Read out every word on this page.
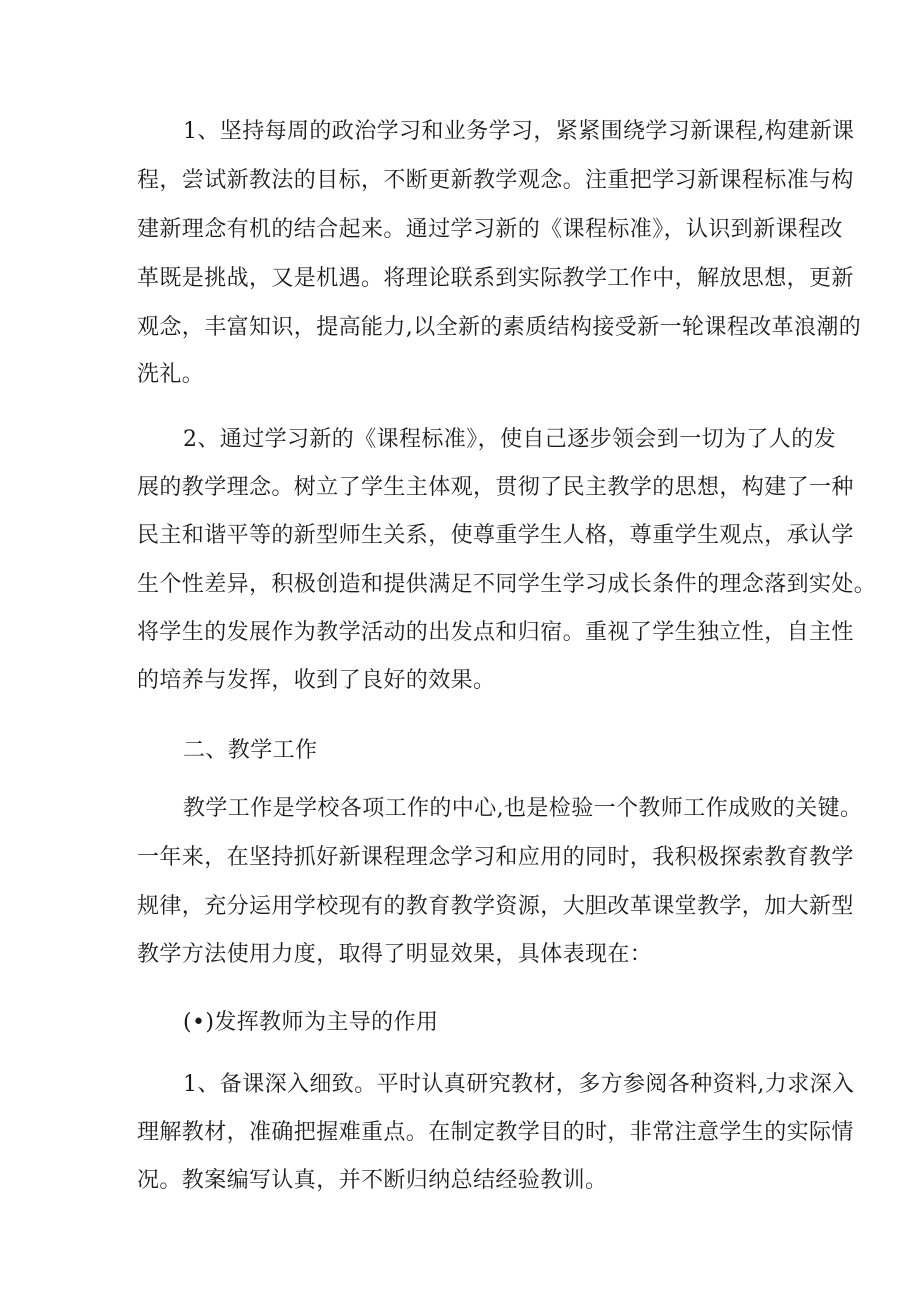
1、坚持每周的政治学习和业务学习，紧紧围绕学习新课程,构建新课
程，尝试新教法的目标，不断更新教学观念。注重把学习新课程标准与构
建新理念有机的结合起来。通过学习新的《课程标准》，认识到新课程改
革既是挑战，又是机遇。将理论联系到实际教学工作中，解放思想，更新
观念，丰富知识，提高能力,以全新的素质结构接受新一轮课程改革浪潮的
洗礼。
2、通过学习新的《课程标准》，使自己逐步领会到一切为了人的发
展的教学理念。树立了学生主体观，贯彻了民主教学的思想，构建了一种
民主和谐平等的新型师生关系，使尊重学生人格，尊重学生观点，承认学
生个性差异，积极创造和提供满足不同学生学习成长条件的理念落到实处。
将学生的发展作为教学活动的出发点和归宿。重视了学生独立性，自主性
的培养与发挥，收到了良好的效果。
二、教学工作
教学工作是学校各项工作的中心,也是检验一个教师工作成败的关键。
一年来，在坚持抓好新课程理念学习和应用的同时，我积极探索教育教学
规律，充分运用学校现有的教育教学资源，大胆改革课堂教学，加大新型
教学方法使用力度，取得了明显效果，具体表现在：
(•)发挥教师为主导的作用
1、备课深入细致。平时认真研究教材，多方参阅各种资料,力求深入
理解教材，准确把握难重点。在制定教学目的时，非常注意学生的实际情
况。教案编写认真，并不断归纳总结经验教训。
